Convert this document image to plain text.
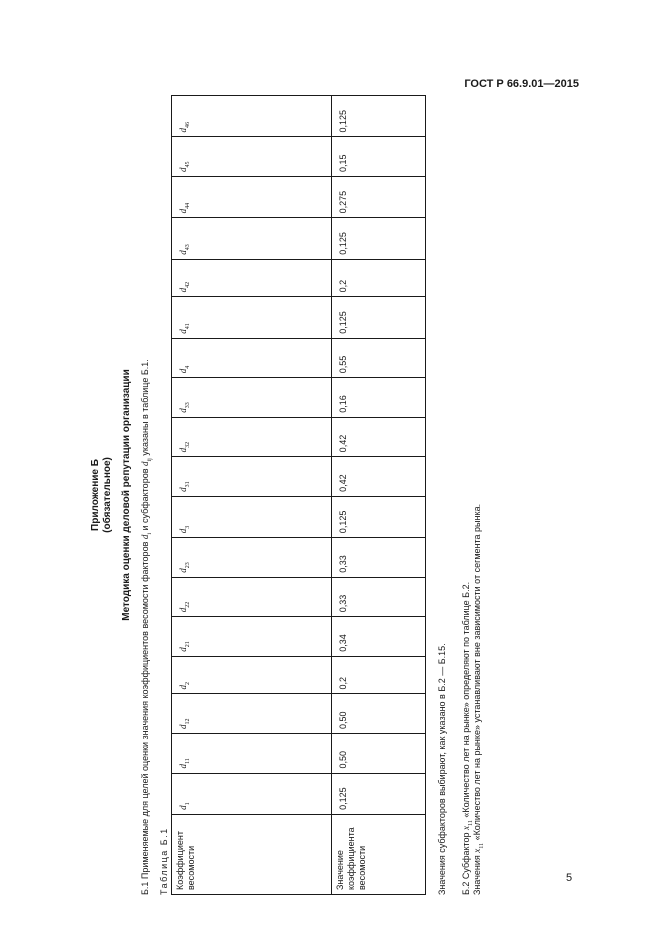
ГОСТ Р 66.9.01—2015
Приложение Б (обязательное) Методика оценки деловой репутации организации
Б.1 Применяемые для целей оценки значения коэффициентов весомости факторов $d_i$ и субфакторов $d_{ij}$ указаны в таблице Б.1.
Таблица Б.1 Коэффициент весомости	$d_1$	$d_{11}$	$d_{12}$	$d_2$	$d_{21}$	$d_{22}$	$d_{23}$	$d_3$	$d_{31}$	$d_{32}$	$d_{33}$	$d_4$	$d_{41}$	$d_{42}$	$d_{43}$	$d_{44}$	$d_{45}$	$d_{46}$
Значение коэффициента весомости	0,125	0,50	0,50	0,2	0,34	0,33	0,33	0,125	0,42	0,42	0,16	0,55	0,125	0,2	0,125	0,275	0,15	0,125
Значения субфакторов выбирают, как указано в Б.2 — Б.15. Б.2 Субфактор $x_{11}$ «Количество лет на рынке» определяют по таблице Б.2.
Значения $x_{11}$ «Количество лет на рынке» устанавливают вне зависимости от сегмента рынка.
5
